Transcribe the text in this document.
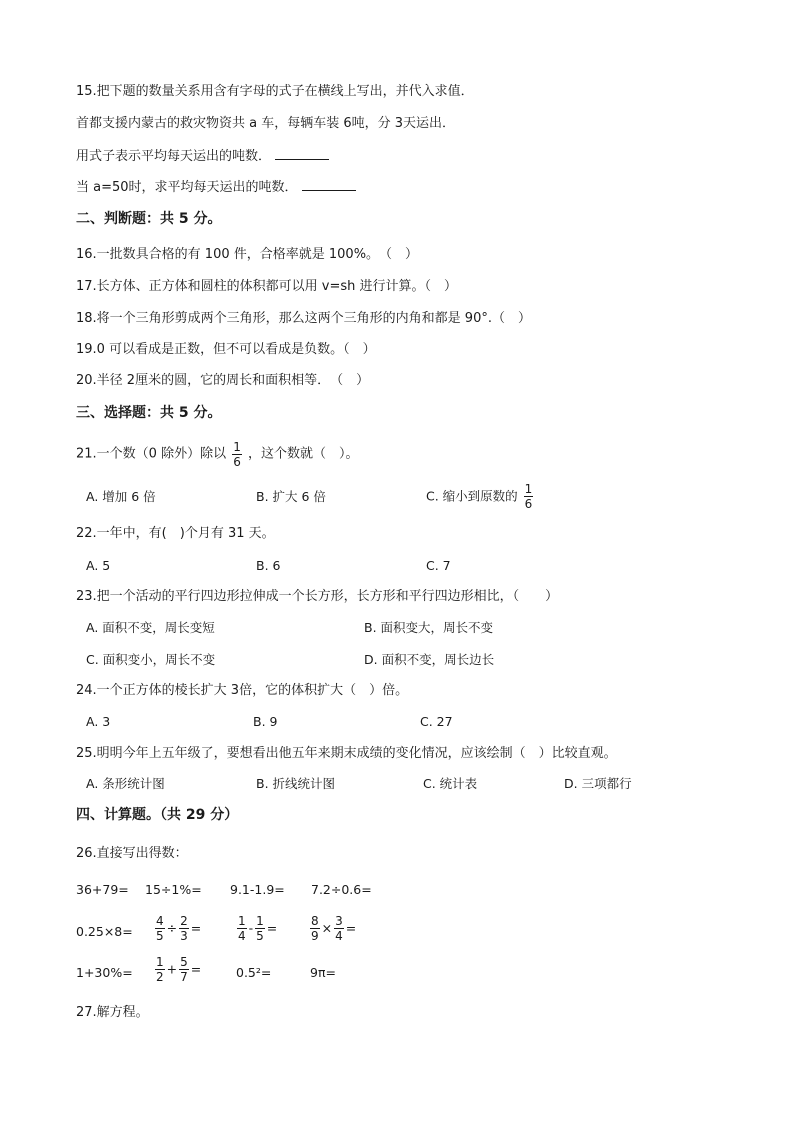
15.把下题的数量关系用含有字母的式子在横线上写出，并代入求值．
首都支援内蒙古的救灾物资共 a 车，每辆车装 6吨，分 3天运出．
用式子表示平均每天运出的吨数．
当 a=50时，求平均每天运出的吨数．
二、判断题：共 5 分。
16.一批数具合格的有 100 件，合格率就是 100%。　（　）
17.长方体、正方体和圆柱的体积都可以用 v=sh 进行计算。（　）
18.将一个三角形剪成两个三角形，那么这两个三角形的内角和都是 90°.（　）
19.0 可以看成是正数，但不可以看成是负数。（　）
20.半径 2厘米的圆，它的周长和面积相等．　（　）
三、选择题：共 5 分。
21.一个数（0 除外）除以 $\frac{1}{6}$ ，这个数就（　）。
A. 增加 6 倍	B. 扩大 6 倍	C. 缩小到原数的 $\frac{1}{6}$
22.一年中，有(　)个月有 31 天。
A. 5	B. 6	C. 7
23.把一个活动的平行四边形拉伸成一个长方形，长方形和平行四边形相比，（　　）
A. 面积不变，周长变短	B. 面积变大，周长不变
C. 面积变小，周长不变	D. 面积不变，周长边长
24.一个正方体的棱长扩大 3倍，它的体积扩大（　）倍。
A. 3	B. 9	C. 27
25.明明今年上五年级了，要想看出他五年来期末成绩的变化情况，应该绘制（　）比较直观。
A. 条形统计图	B. 折线统计图	C. 统计表	D. 三项都行
四、计算题。（共 29 分）
26.直接写出得数：
36+79= 15÷1%= 9.1-1.9= 7.2÷0.6=
$0.25\times 8= \frac{4}{5} \div \frac{2}{3}$ =	$\frac{1}{4} - \frac{1}{5}$ =	$\frac{8}{9} \times \frac{3}{4}$ =
$1+30\%= \frac{1}{2} + \frac{5}{7}$ =	0.5²=	9π=
27.解方程。
